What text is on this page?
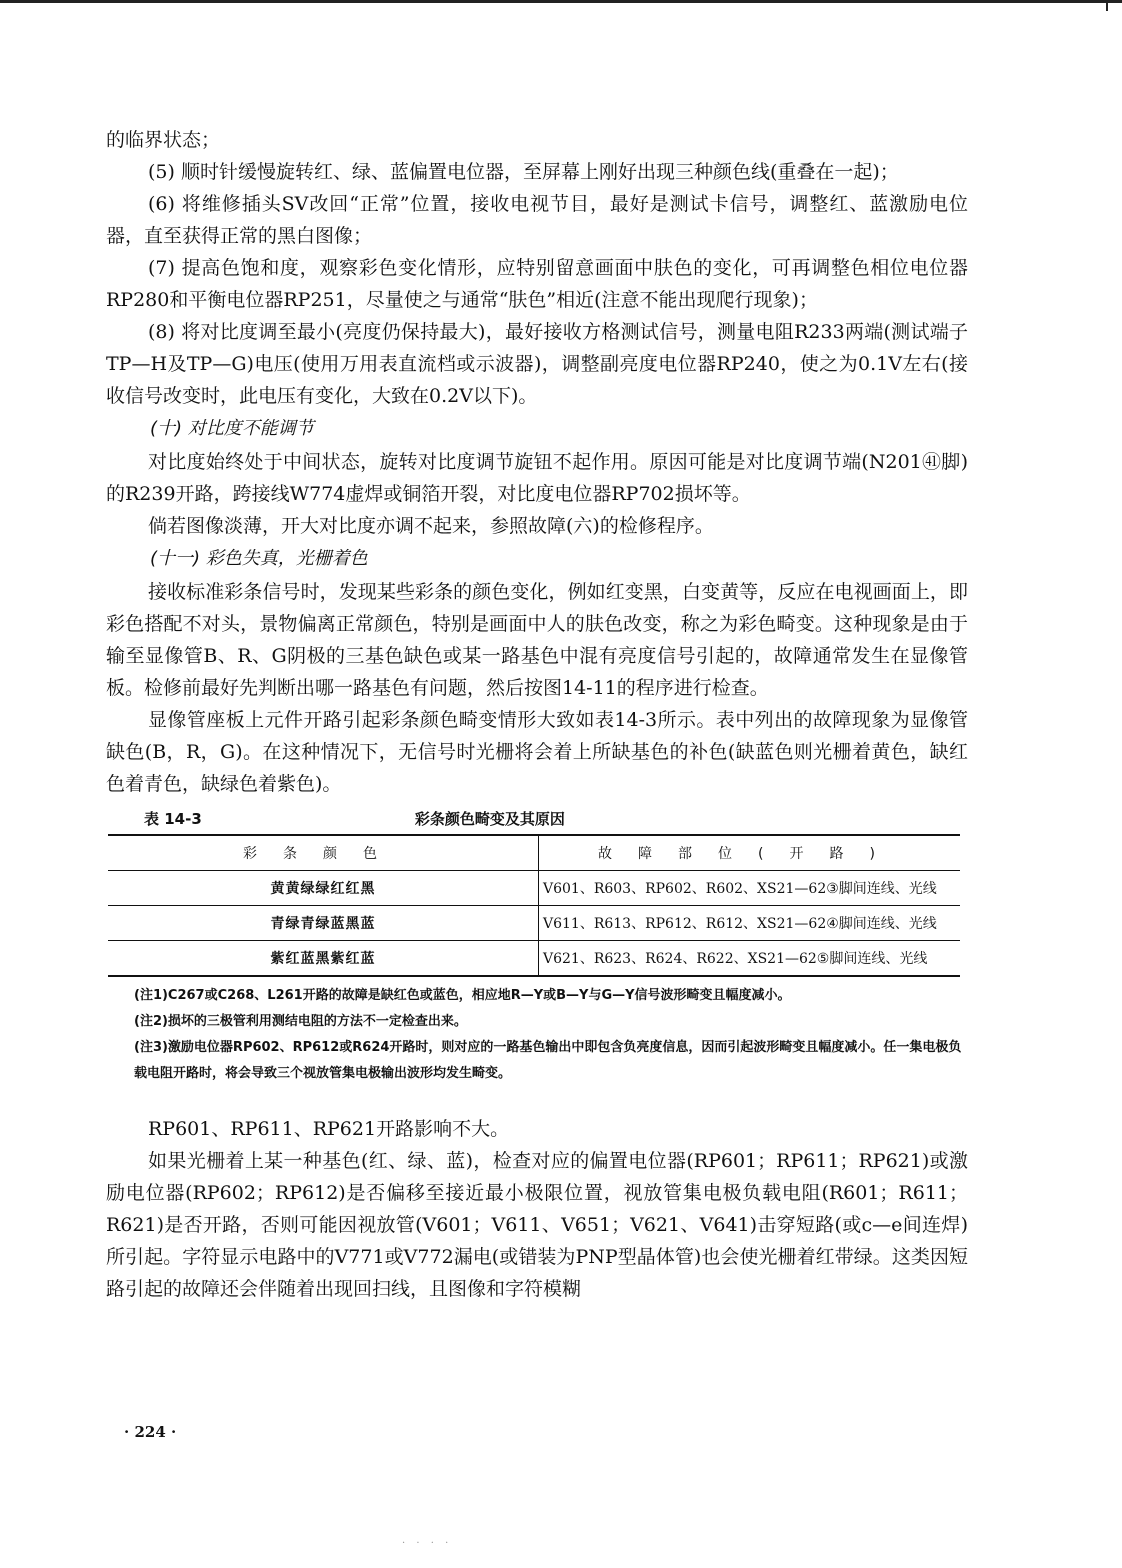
的临界状态；

(5) 顺时针缓慢旋转红、绿、蓝偏置电位器，至屏幕上刚好出现三种颜色线(重叠在一起)；

(6) 将维修插头SV改回“正常”位置，接收电视节目，最好是测试卡信号，调整红、蓝激励电位器，直至获得正常的黑白图像；

(7) 提高色饱和度，观察彩色变化情形，应特别留意画面中肤色的变化，可再调整色相位电位器RP280和平衡电位器RP251，尽量使之与通常“肤色”相近(注意不能出现爬行现象)；

(8) 将对比度调至最小(亮度仍保持最大)，最好接收方格测试信号，测量电阻R233两端(测试端子TP—H及TP—G)电压(使用万用表直流档或示波器)，调整副亮度电位器RP240，使之为0.1V左右(接收信号改变时，此电压有变化，大致在0.2V以下)。

(十) 对比度不能调节

对比度始终处于中间状态，旋转对比度调节旋钮不起作用。原因可能是对比度调节端(N201㊶脚)的R239开路，跨接线W774虚焊或铜箔开裂，对比度电位器RP702损坏等。

倘若图像淡薄，开大对比度亦调不起来，参照故障(六)的检修程序。

(十一) 彩色失真，光栅着色

接收标准彩条信号时，发现某些彩条的颜色变化，例如红变黑，白变黄等，反应在电视画面上，即彩色搭配不对头，景物偏离正常颜色，特别是画面中人的肤色改变，称之为彩色畸变。这种现象是由于输至显像管B、R、G阴极的三基色缺色或某一路基色中混有亮度信号引起的，故障通常发生在显像管板。检修前最好先判断出哪一路基色有问题，然后按图14-11的程序进行检查。

显像管座板上元件开路引起彩条颜色畸变情形大致如表14-3所示。表中列出的故障现象为显像管缺色(B，R，G)。在这种情况下，无信号时光栅将会着上所缺基色的补色(缺蓝色则光栅着黄色，缺红色着青色，缺绿色着紫色)。

表 14-3	彩条颜色畸变及其原因
彩条颜色	故障部位(开路)
黄黄绿绿红红黑	V601、R603、RP602、R602、XS21—62③脚间连线、光线
青绿青绿蓝黑蓝	V611、R613、RP612、R612、XS21—62④脚间连线、光线
紫红蓝黑紫红蓝	V621、R623、R624、R622、XS21—62⑤脚间连线、光线

(注1)C267或C268、L261开路的故障是缺红色或蓝色，相应地R—Y或B—Y与G—Y信号波形畸变且幅度减小。

(注2)损坏的三极管利用测结电阻的方法不一定检查出来。

(注3)激励电位器RP602、RP612或R624开路时，则对应的一路基色输出中即包含负亮度信息，因而引起波形畸变且幅度减小。任一集电极负载电阻开路时，将会导致三个视放管集电极输出波形均发生畸变。

RP601、RP611、RP621开路影响不大。

如果光栅着上某一种基色(红、绿、蓝)，检查对应的偏置电位器(RP601；RP611；RP621)或激励电位器(RP602；RP612)是否偏移至接近最小极限位置，视放管集电极负载电阻(R601；R611；R621)是否开路，否则可能因视放管(V601；V611、V651；V621、V641)击穿短路(或c—e间连焊)所引起。字符显示电路中的V771或V772漏电(或错装为PNP型晶体管)也会使光栅着红带绿。这类因短路引起的故障还会伴随着出现回扫线，且图像和字符模糊

· 224 ·
· · · ·
